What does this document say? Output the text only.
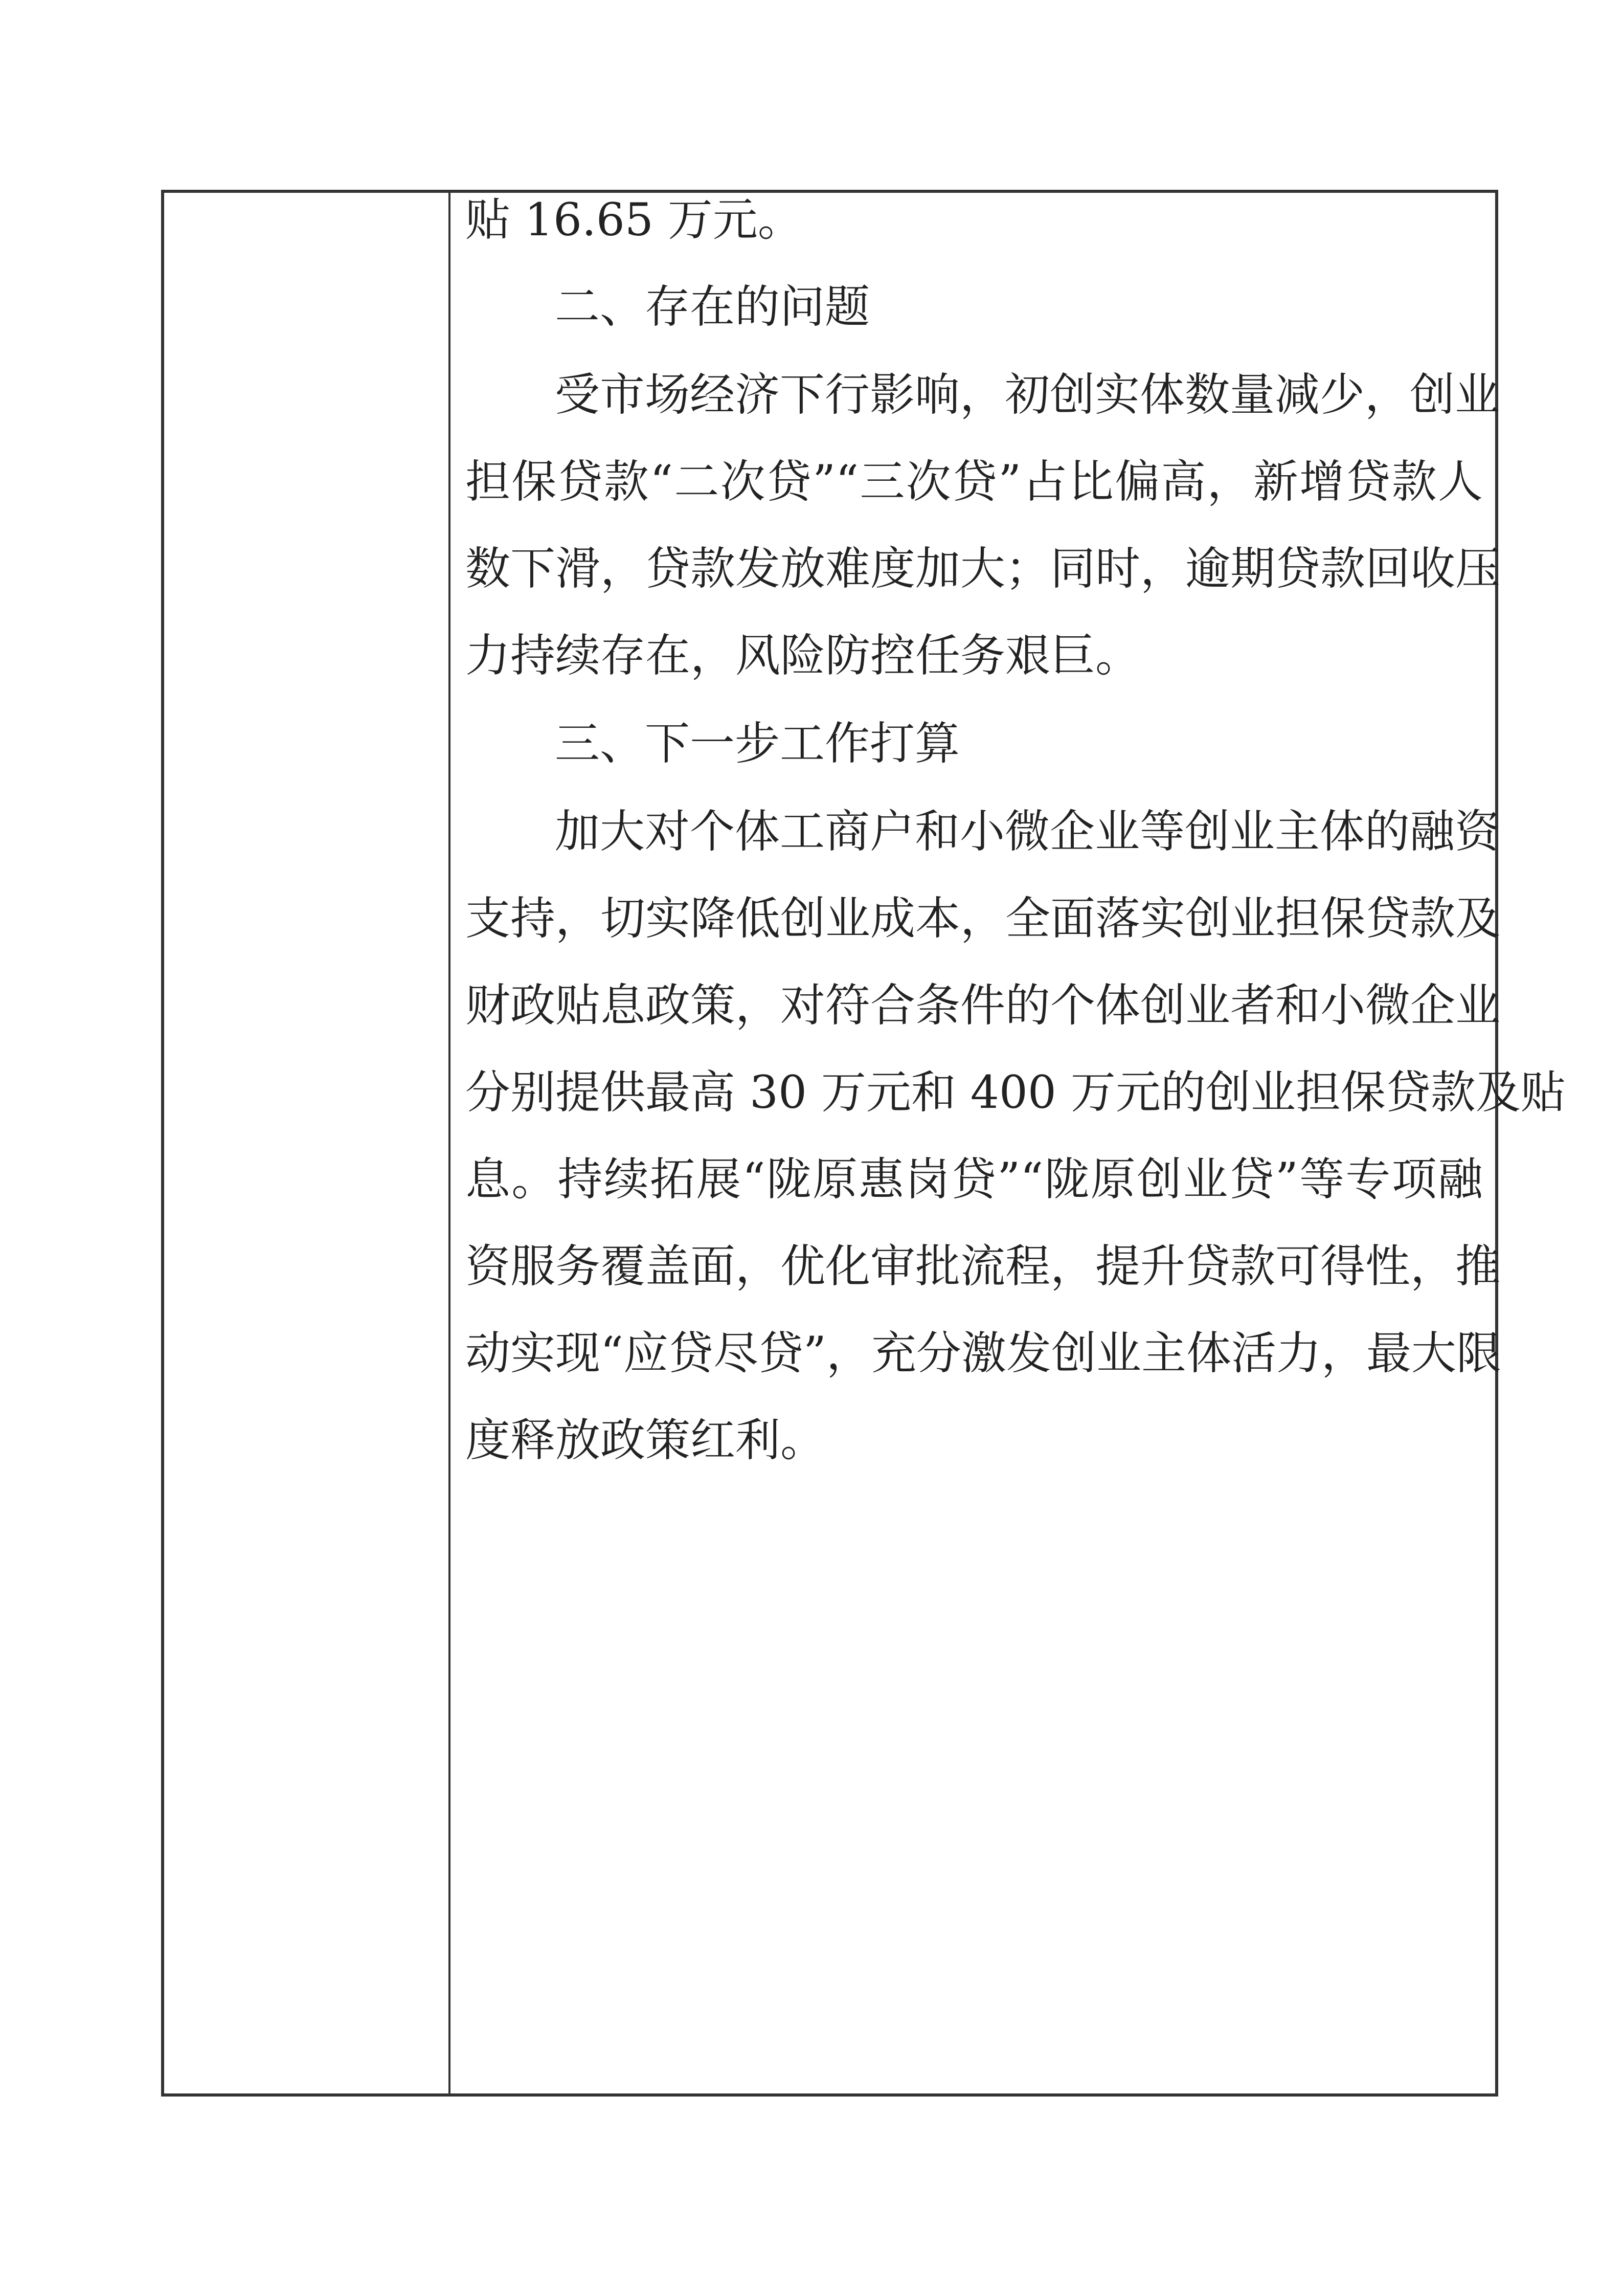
贴 16.65 万元。
二、存在的问题
受市场经济下行影响，初创实体数量减少，创业
担保贷款“二次贷”“三次贷”占比偏高，新增贷款人
数下滑，贷款发放难度加大；同时，逾期贷款回收压
力持续存在，风险防控任务艰巨。
三、下一步工作打算
加大对个体工商户和小微企业等创业主体的融资
支持，切实降低创业成本，全面落实创业担保贷款及
财政贴息政策，对符合条件的个体创业者和小微企业
分别提供最高 30 万元和 400 万元的创业担保贷款及贴
息。持续拓展“陇原惠岗贷”“陇原创业贷”等专项融
资服务覆盖面，优化审批流程，提升贷款可得性，推
动实现“应贷尽贷”，充分激发创业主体活力，最大限
度释放政策红利。
